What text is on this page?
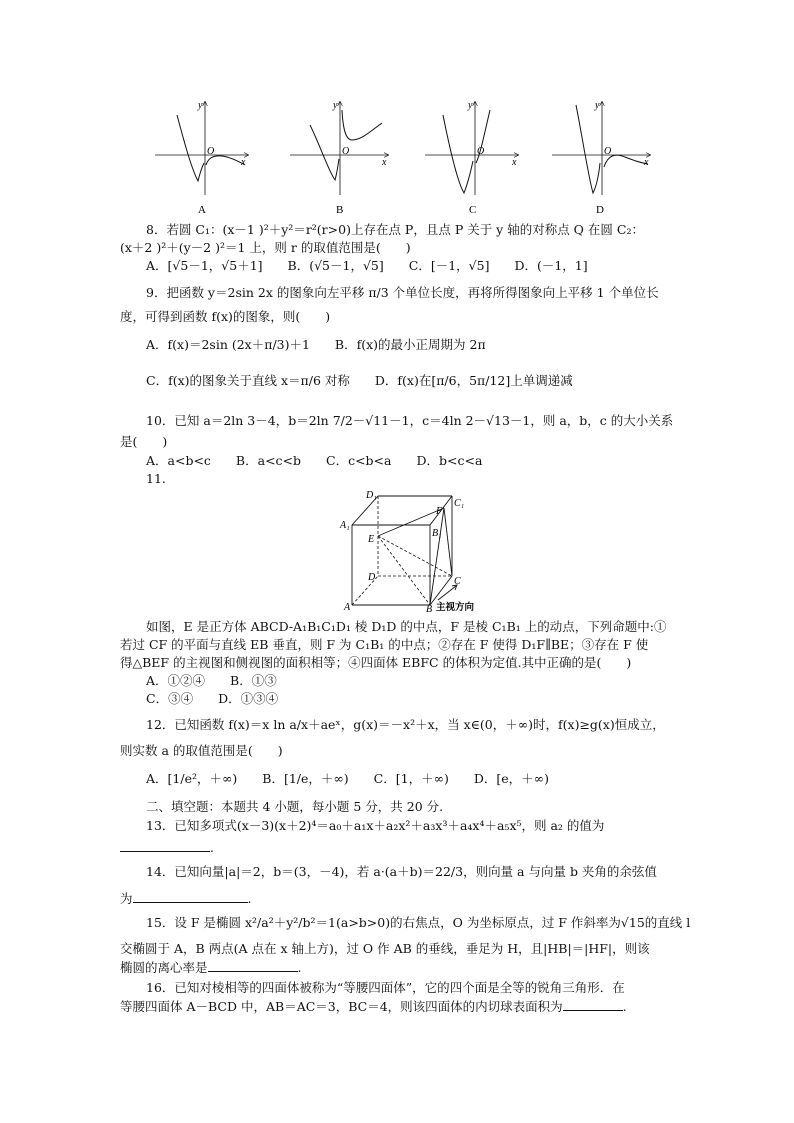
y
x
O
y
x
O
y
x
O
y
x
O
A	B	C	D
8．若圆 C₁：(x－1 )²＋y²＝r²(r>0)上存在点 P，且点 P 关于 y 轴的对称点 Q 在圆 C₂：
(x＋2 )²＋(y－2 )²＝1 上，则 r 的取值范围是(　　)
A．[√5－1，√5＋1]　　B．(√5－1，√5]　　C．[－1，√5]　　D．(－1，1]
9．把函数 y＝2sin 2x 的图象向左平移 π/3 个单位长度，再将所得图象向上平移 1 个单位长
度，可得到函数 f(x)的图象，则(　　)
A．f(x)＝2sin (2x＋π/3)＋1　　B．f(x)的最小正周期为 2π
C．f(x)的图象关于直线 x＝π/6 对称　　D．f(x)在[π/6，5π/12]上单调递减
10．已知 a＝2ln 3－4，b＝2ln 7/2－√11－1，c＝4ln 2－√13－1，则 a，b，c 的大小关系
是(　　)
A．a<b<c　　B．a<c<b　　C．c<b<a　　D．b<c<a
11.
D₁
C₁
A₁
B₁
F
E
D	C
A	B 主视方向
如图，E 是正方体 ABCD-A₁B₁C₁D₁ 棱 D₁D 的中点，F 是棱 C₁B₁ 上的动点，下列命题中:①
若过 CF 的平面与直线 EB 垂直，则 F 为 C₁B₁ 的中点；②存在 F 使得 D₁F∥BE；③存在 F 使
得△BEF 的主视图和侧视图的面积相等；④四面体 EBFC 的体积为定值.其中正确的是(　　)
A．①②④　　B．①③
C．③④　　D．①③④
12．已知函数 f(x)＝x ln a/x＋aeˣ，g(x)＝－x²＋x，当 x∈(0，＋∞)时，f(x)≥g(x)恒成立，
则实数 a 的取值范围是(　　)
A．[1/e²，＋∞)　　B．[1/e，＋∞)　　C．[1，＋∞)　　D．[e，＋∞)
二、填空题：本题共 4 小题，每小题 5 分，共 20 分.
13．已知多项式(x－3)(x＋2)⁴＝a₀＋a₁x＋a₂x²＋a₃x³＋a₄x⁴＋a₅x⁵，则 a₂ 的值为
.
14．已知向量|a|＝2，b＝(3，－4)，若 a·(a＋b)＝22/3，则向量 a 与向量 b 夹角的余弦值
为	.
15．设 F 是椭圆 x²/a²＋y²/b²＝1(a>b>0)的右焦点，O 为坐标原点，过 F 作斜率为√15的直线 l
交椭圆于 A，B 两点(A 点在 x 轴上方)，过 O 作 AB 的垂线，垂足为 H，且|HB|＝|HF|，则该
椭圆的离心率是	.
16．已知对棱相等的四面体被称为“等腰四面体”，它的四个面是全等的锐角三角形．在
等腰四面体 A－BCD 中，AB＝AC＝3，BC＝4，则该四面体的内切球表面积为	.
